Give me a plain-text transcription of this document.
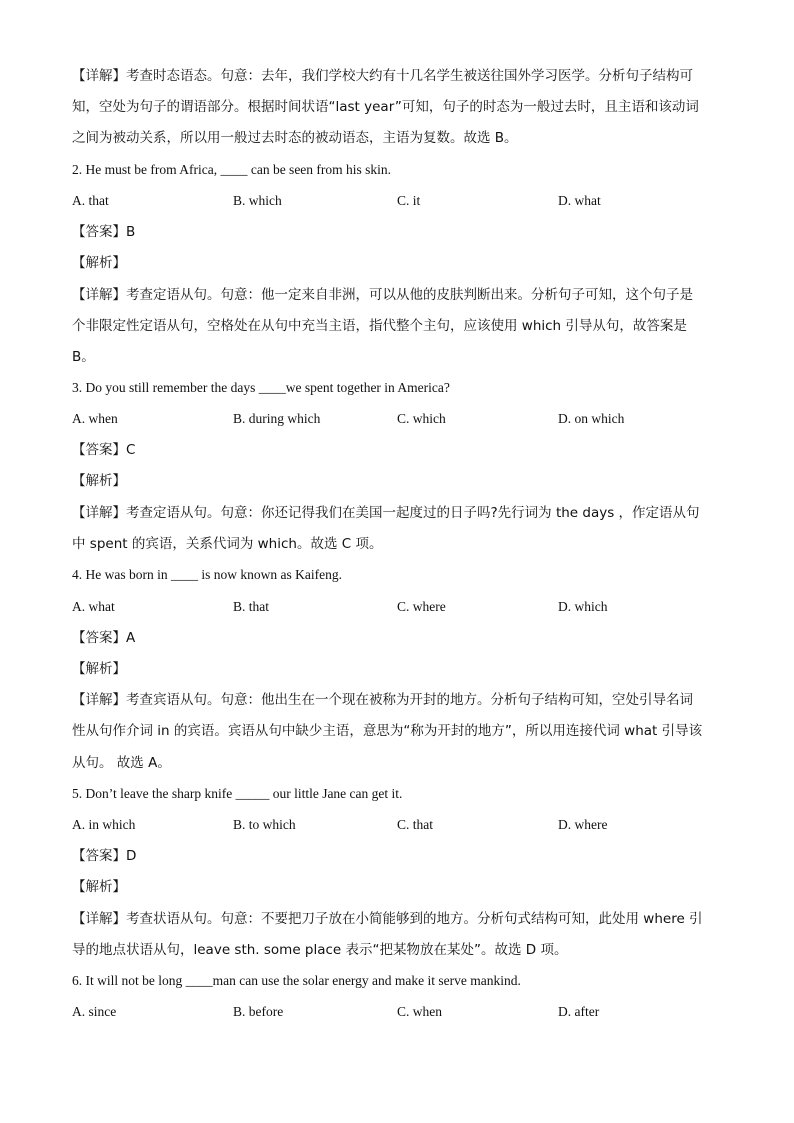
【详解】考查时态语态。句意：去年，我们学校大约有十几名学生被送往国外学习医学。分析句子结构可
知，空处为句子的谓语部分。根据时间状语“last year”可知，句子的时态为一般过去时，且主语和该动词
之间为被动关系，所以用一般过去时态的被动语态，主语为复数。故选 B。
2. He must be from Africa, ____ can be seen from his skin.
A. that	B. which	C. it	D. what
【答案】B
【解析】
【详解】考查定语从句。句意：他一定来自非洲，可以从他的皮肤判断出来。分析句子可知，这个句子是
个非限定性定语从句，空格处在从句中充当主语，指代整个主句，应该使用 which 引导从句，故答案是
B。
3. Do you still remember the days ____we spent together in America?
A. when	B. during which	C. which	D. on which
【答案】C
【解析】
【详解】考查定语从句。句意：你还记得我们在美国一起度过的日子吗?先行词为 the days ，作定语从句
中 spent 的宾语，关系代词为 which。故选 C 项。
4. He was born in ____ is now known as Kaifeng.
A. what	B. that	C. where	D. which
【答案】A
【解析】
【详解】考查宾语从句。句意：他出生在一个现在被称为开封的地方。分析句子结构可知，空处引导名词
性从句作介词 in 的宾语。宾语从句中缺少主语，意思为“称为开封的地方”，所以用连接代词 what 引导该
从句。 故选 A。
5. Don’t leave the sharp knife _____ our little Jane can get it.
A. in which	B. to which	C. that	D. where
【答案】D
【解析】
【详解】考查状语从句。句意：不要把刀子放在小简能够到的地方。分析句式结构可知，此处用 where 引
导的地点状语从句，leave sth. some place 表示“把某物放在某处”。故选 D 项。
6. It will not be long ____man can use the solar energy and make it serve mankind.
A. since	B. before	C. when	D. after
